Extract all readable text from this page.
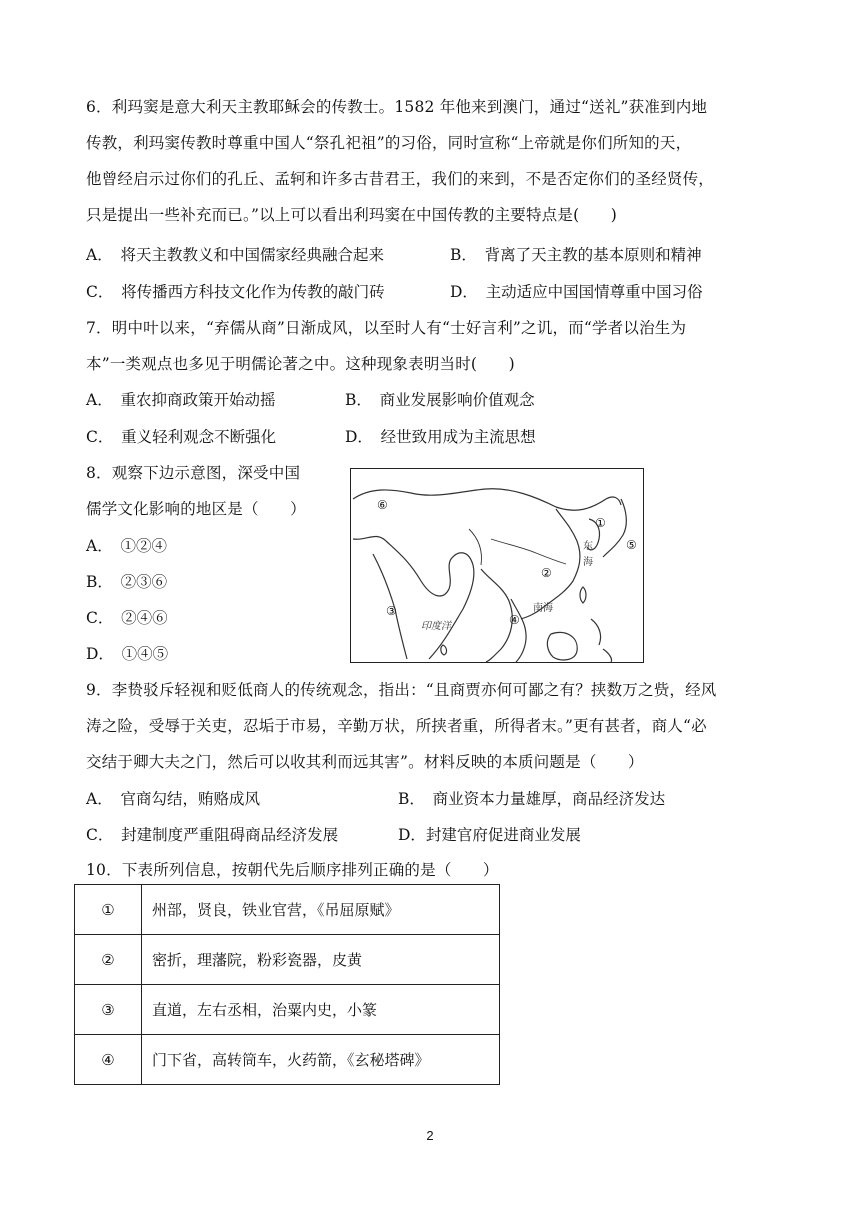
6．利玛窦是意大利天主教耶稣会的传教士。1582 年他来到澳门，通过“送礼”获准到内地
传教，利玛窦传教时尊重中国人“祭孔祀祖”的习俗，同时宣称“上帝就是你们所知的天，
他曾经启示过你们的孔丘、孟轲和许多古昔君王，我们的来到，不是否定你们的圣经贤传，
只是提出一些补充而已。”以上可以看出利玛窦在中国传教的主要特点是(　　)
A．　将天主教教义和中国儒家经典融合起来	B．　背离了天主教的基本原则和精神
C．　将传播西方科技文化作为传教的敲门砖	D．　主动适应中国国情尊重中国习俗
7．明中叶以来，“弃儒从商”日渐成风，以至时人有“士好言利”之讥，而“学者以治生为
本”一类观点也多见于明儒论著之中。这种现象表明当时(　　)
A．　重农抑商政策开始动摇	B．　商业发展影响价值观念
C．　重义轻利观念不断强化	D．　经世致用成为主流思想
8．观察下边示意图，深受中国
儒学文化影响的地区是（　　）
A．　①②④
B．　②③⑥
C．　②④⑥
D．　①④⑤
⑥
①
⑤
②
③
④
东
海
南海
印度洋
9．李贽驳斥轻视和贬低商人的传统观念，指出：“且商贾亦何可鄙之有？挟数万之赀，经风
涛之险，受辱于关吏，忍垢于市易，辛勤万状，所挟者重，所得者末。”更有甚者，商人“必
交结于卿大夫之门，然后可以收其利而远其害”。材料反映的本质问题是（　　）
A．　官商勾结，贿赂成风	B．　商业资本力量雄厚，商品经济发达
C．　封建制度严重阻碍商品经济发展	D．封建官府促进商业发展
10．下表所列信息，按朝代先后顺序排列正确的是（　　）
①	州部，贤良，铁业官营，《吊屈原赋》
②	密折，理藩院，粉彩瓷器，皮黄
③	直道，左右丞相，治粟内史，小篆
④	门下省，高转筒车，火药箭，《玄秘塔碑》
2
